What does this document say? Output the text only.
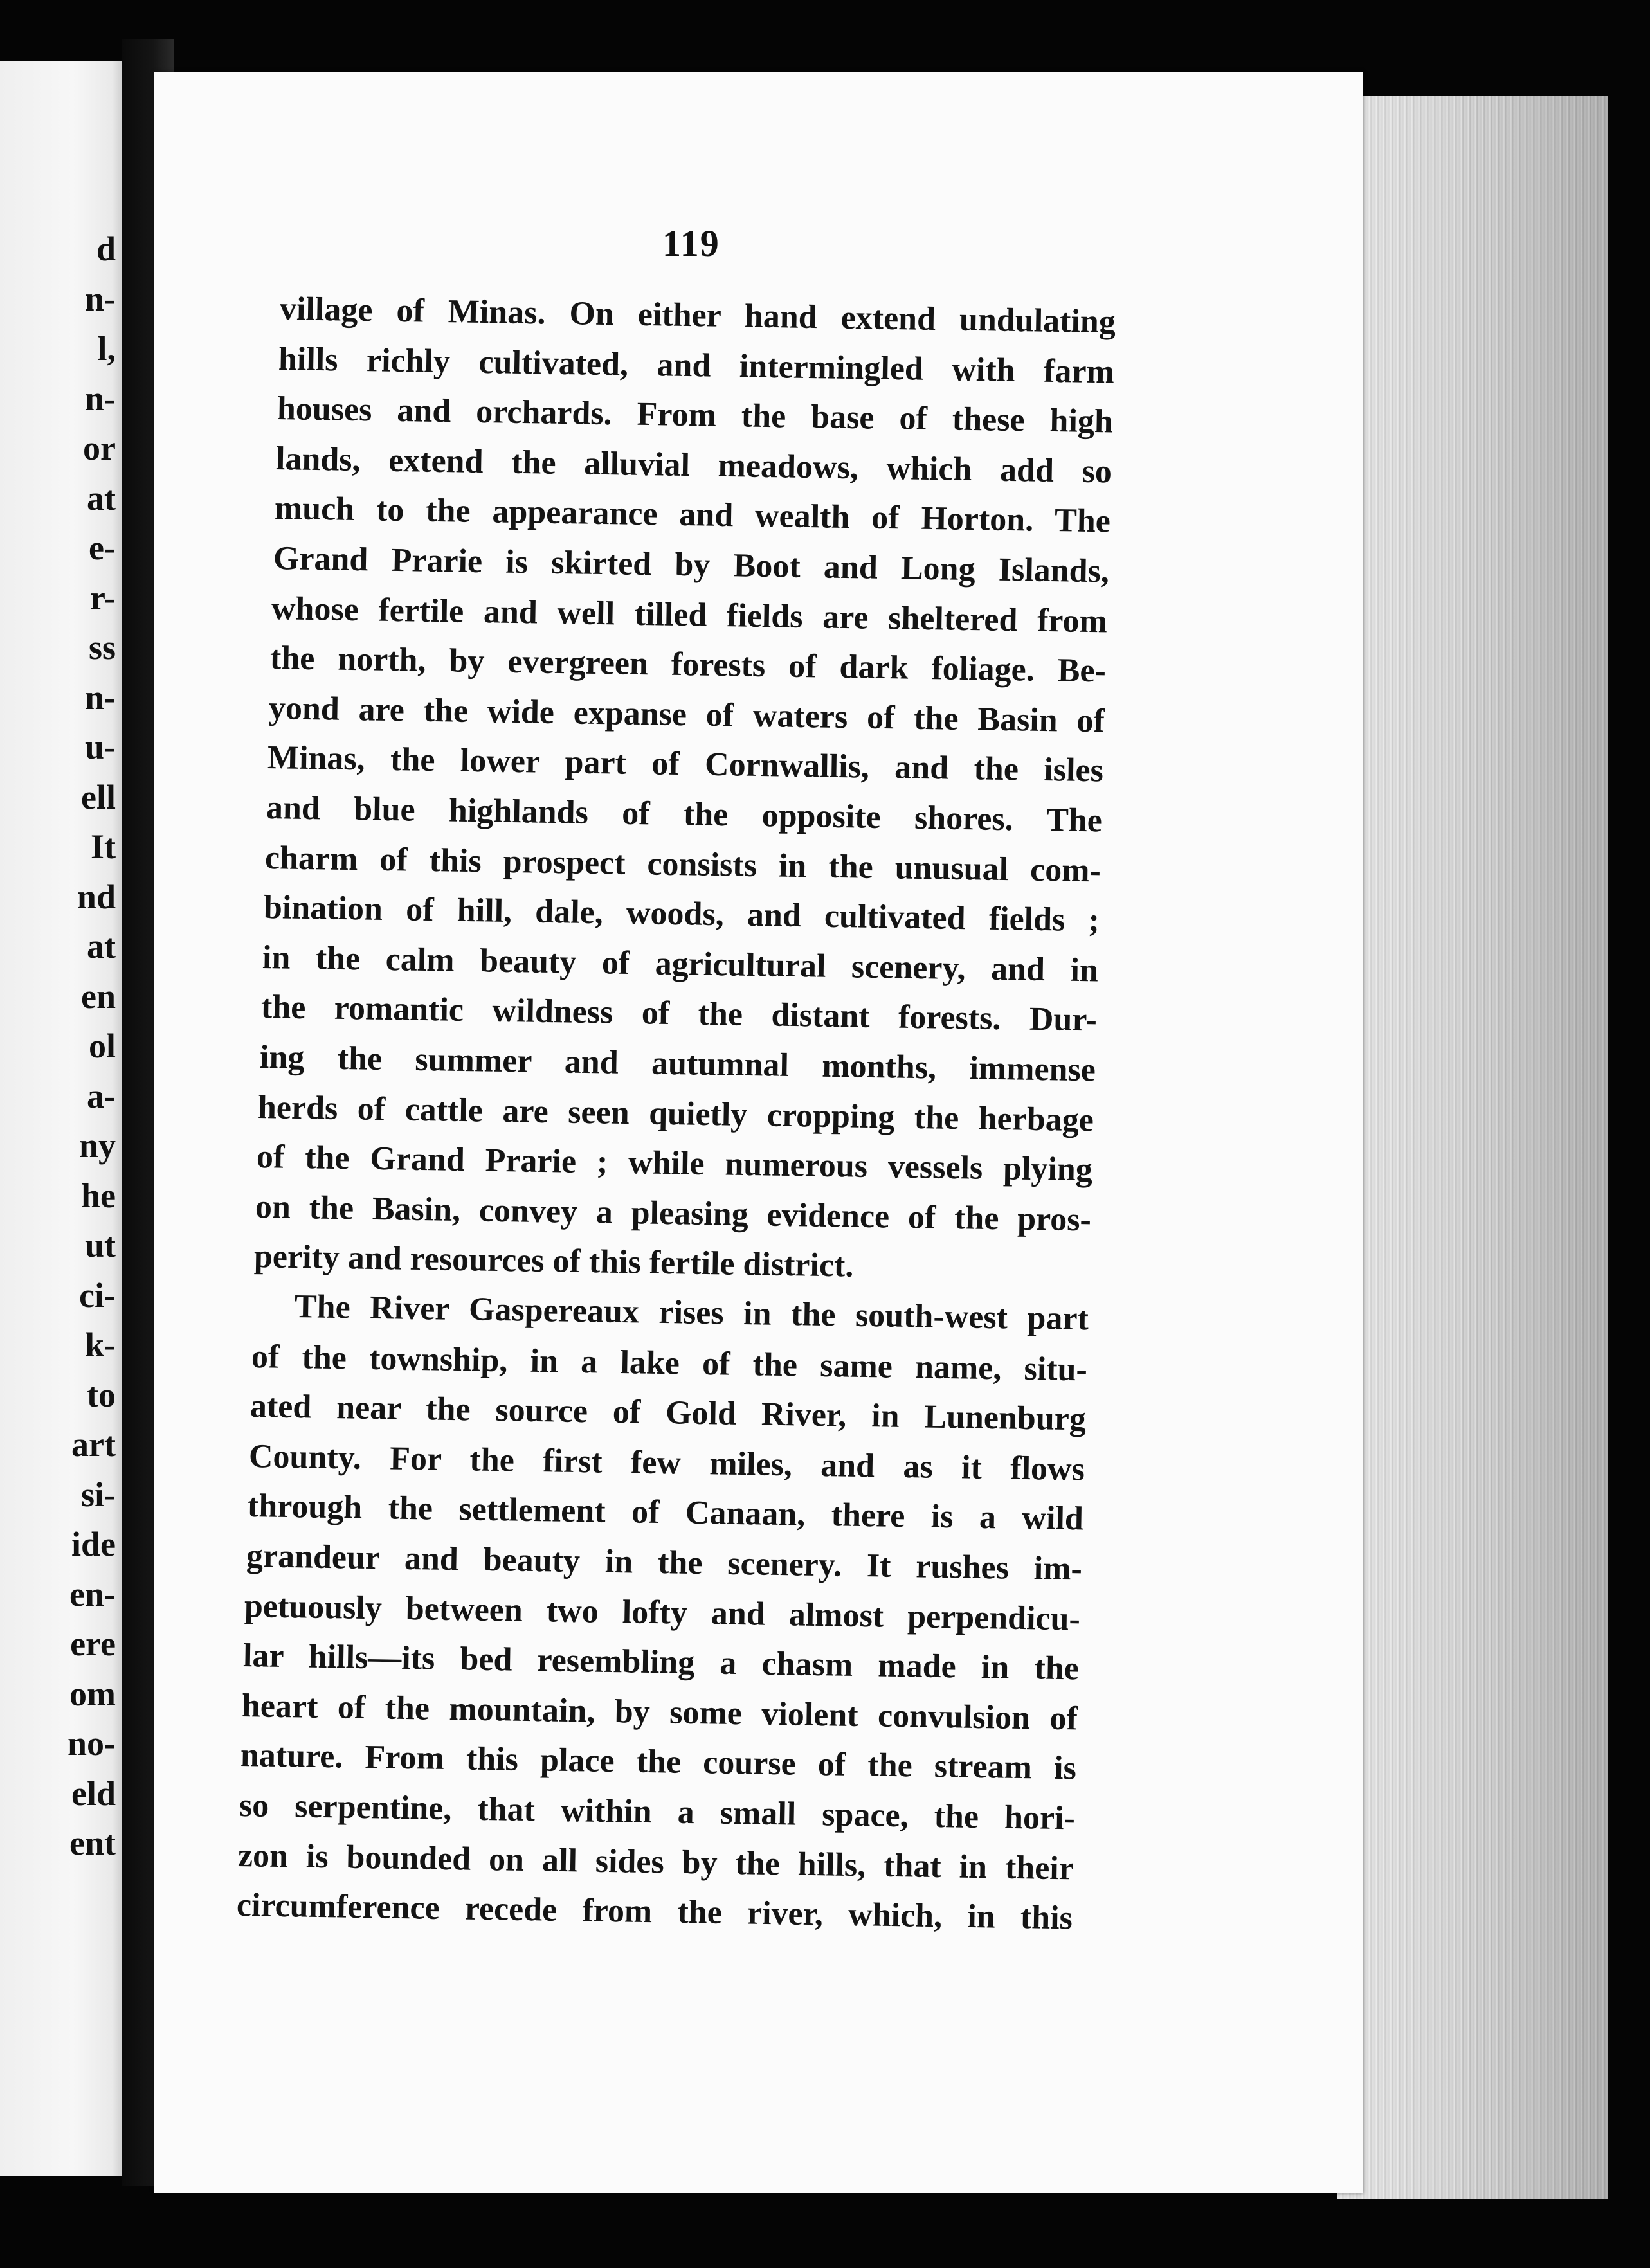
d
n-
l,
n-
or
at
e-
r-
ss
n-
u-
ell
It
nd
at
en
ol
a-
ny
he
ut
ci-
k-
to
art
si-
ide
en-
ere
om
no-
eld
ent
119
village of Minas. On either hand extend undulating
hills richly cultivated, and intermingled with farm
houses and orchards. From the base of these high
lands, extend the alluvial meadows, which add so
much to the appearance and wealth of Horton. The
Grand Prarie is skirted by Boot and Long Islands,
whose fertile and well tilled fields are sheltered from
the north, by evergreen forests of dark foliage. Be-
yond are the wide expanse of waters of the Basin of
Minas, the lower part of Cornwallis, and the isles
and blue highlands of the opposite shores. The
charm of this prospect consists in the unusual com-
bination of hill, dale, woods, and cultivated fields ;
in the calm beauty of agricultural scenery, and in
the romantic wildness of the distant forests. Dur-
ing the summer and autumnal months, immense
herds of cattle are seen quietly cropping the herbage
of the Grand Prarie ; while numerous vessels plying
on the Basin, convey a pleasing evidence of the pros-
perity and resources of this fertile district.
The River Gaspereaux rises in the south-west part
of the township, in a lake of the same name, situ-
ated near the source of Gold River, in Lunenburg
County. For the first few miles, and as it flows
through the settlement of Canaan, there is a wild
grandeur and beauty in the scenery. It rushes im-
petuously between two lofty and almost perpendicu-
lar hills—its bed resembling a chasm made in the
heart of the mountain, by some violent convulsion of
nature. From this place the course of the stream is
so serpentine, that within a small space, the hori-
zon is bounded on all sides by the hills, that in their
circumference recede from the river, which, in this
